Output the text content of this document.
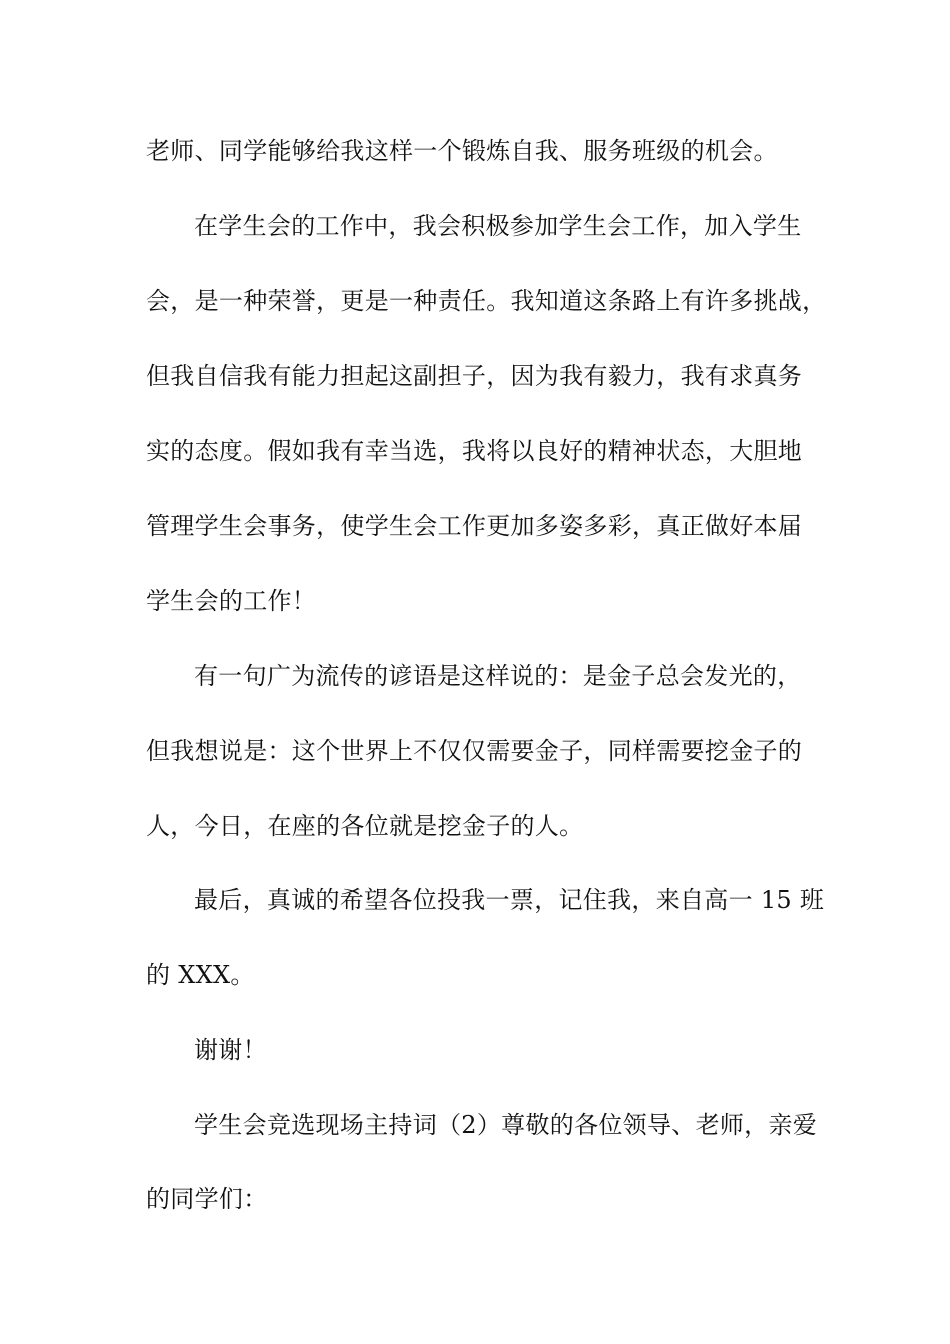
老师、同学能够给我这样一个锻炼自我、服务班级的机会。
在学生会的工作中，我会积极参加学生会工作，加入学生
会，是一种荣誉，更是一种责任。我知道这条路上有许多挑战，
但我自信我有能力担起这副担子，因为我有毅力，我有求真务
实的态度。假如我有幸当选，我将以良好的精神状态，大胆地
管理学生会事务，使学生会工作更加多姿多彩，真正做好本届
学生会的工作！
有一句广为流传的谚语是这样说的：是金子总会发光的，
但我想说是：这个世界上不仅仅需要金子，同样需要挖金子的
人，今日，在座的各位就是挖金子的人。
最后，真诚的希望各位投我一票，记住我，来自高一 15 班
的 XXX。
谢谢！
学生会竞选现场主持词（2）尊敬的各位领导、老师，亲爱
的同学们：
